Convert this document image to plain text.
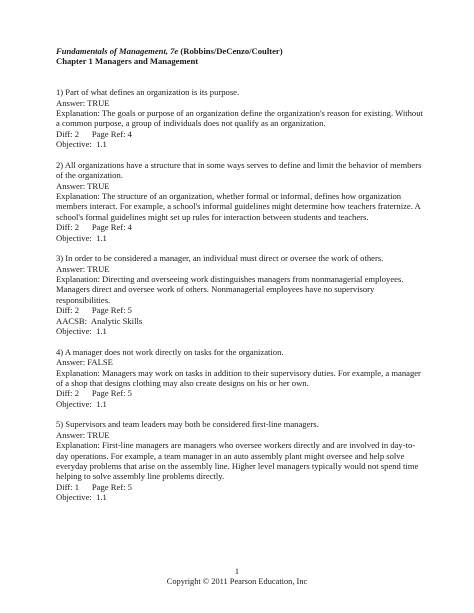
Fundamentals of Management, 7e (Robbins/DeCenzo/Coulter)
Chapter 1 Managers and Management
1) Part of what defines an organization is its purpose.
Answer: TRUE
Explanation: The goals or purpose of an organization define the organization's reason for existing. Without a common purpose, a group of individuals does not qualify as an organization.
Diff: 2      Page Ref: 4
Objective:  1.1
2) All organizations have a structure that in some ways serves to define and limit the behavior of members of the organization.
Answer: TRUE
Explanation: The structure of an organization, whether formal or informal, defines how organization members interact. For example, a school's informal guidelines might determine how teachers fraternize. A school's formal guidelines might set up rules for interaction between students and teachers.
Diff: 2      Page Ref: 4
Objective:  1.1
3) In order to be considered a manager, an individual must direct or oversee the work of others.
Answer: TRUE
Explanation: Directing and overseeing work distinguishes managers from nonmanagerial employees. Managers direct and oversee work of others. Nonmanagerial employees have no supervisory responsibilities.
Diff: 2      Page Ref: 5
AACSB:  Analytic Skills
Objective:  1.1
4) A manager does not work directly on tasks for the organization.
Answer: FALSE
Explanation: Managers may work on tasks in addition to their supervisory duties. For example, a manager of a shop that designs clothing may also create designs on his or her own.
Diff: 2      Page Ref: 5
Objective:  1.1
5) Supervisors and team leaders may both be considered first-line managers.
Answer: TRUE
Explanation: First-line managers are managers who oversee workers directly and are involved in day-to-day operations. For example, a team manager in an auto assembly plant might oversee and help solve everyday problems that arise on the assembly line. Higher level managers typically would not spend time helping to solve assembly line problems directly.
Diff: 1      Page Ref: 5
Objective:  1.1
1
Copyright © 2011 Pearson Education, Inc
